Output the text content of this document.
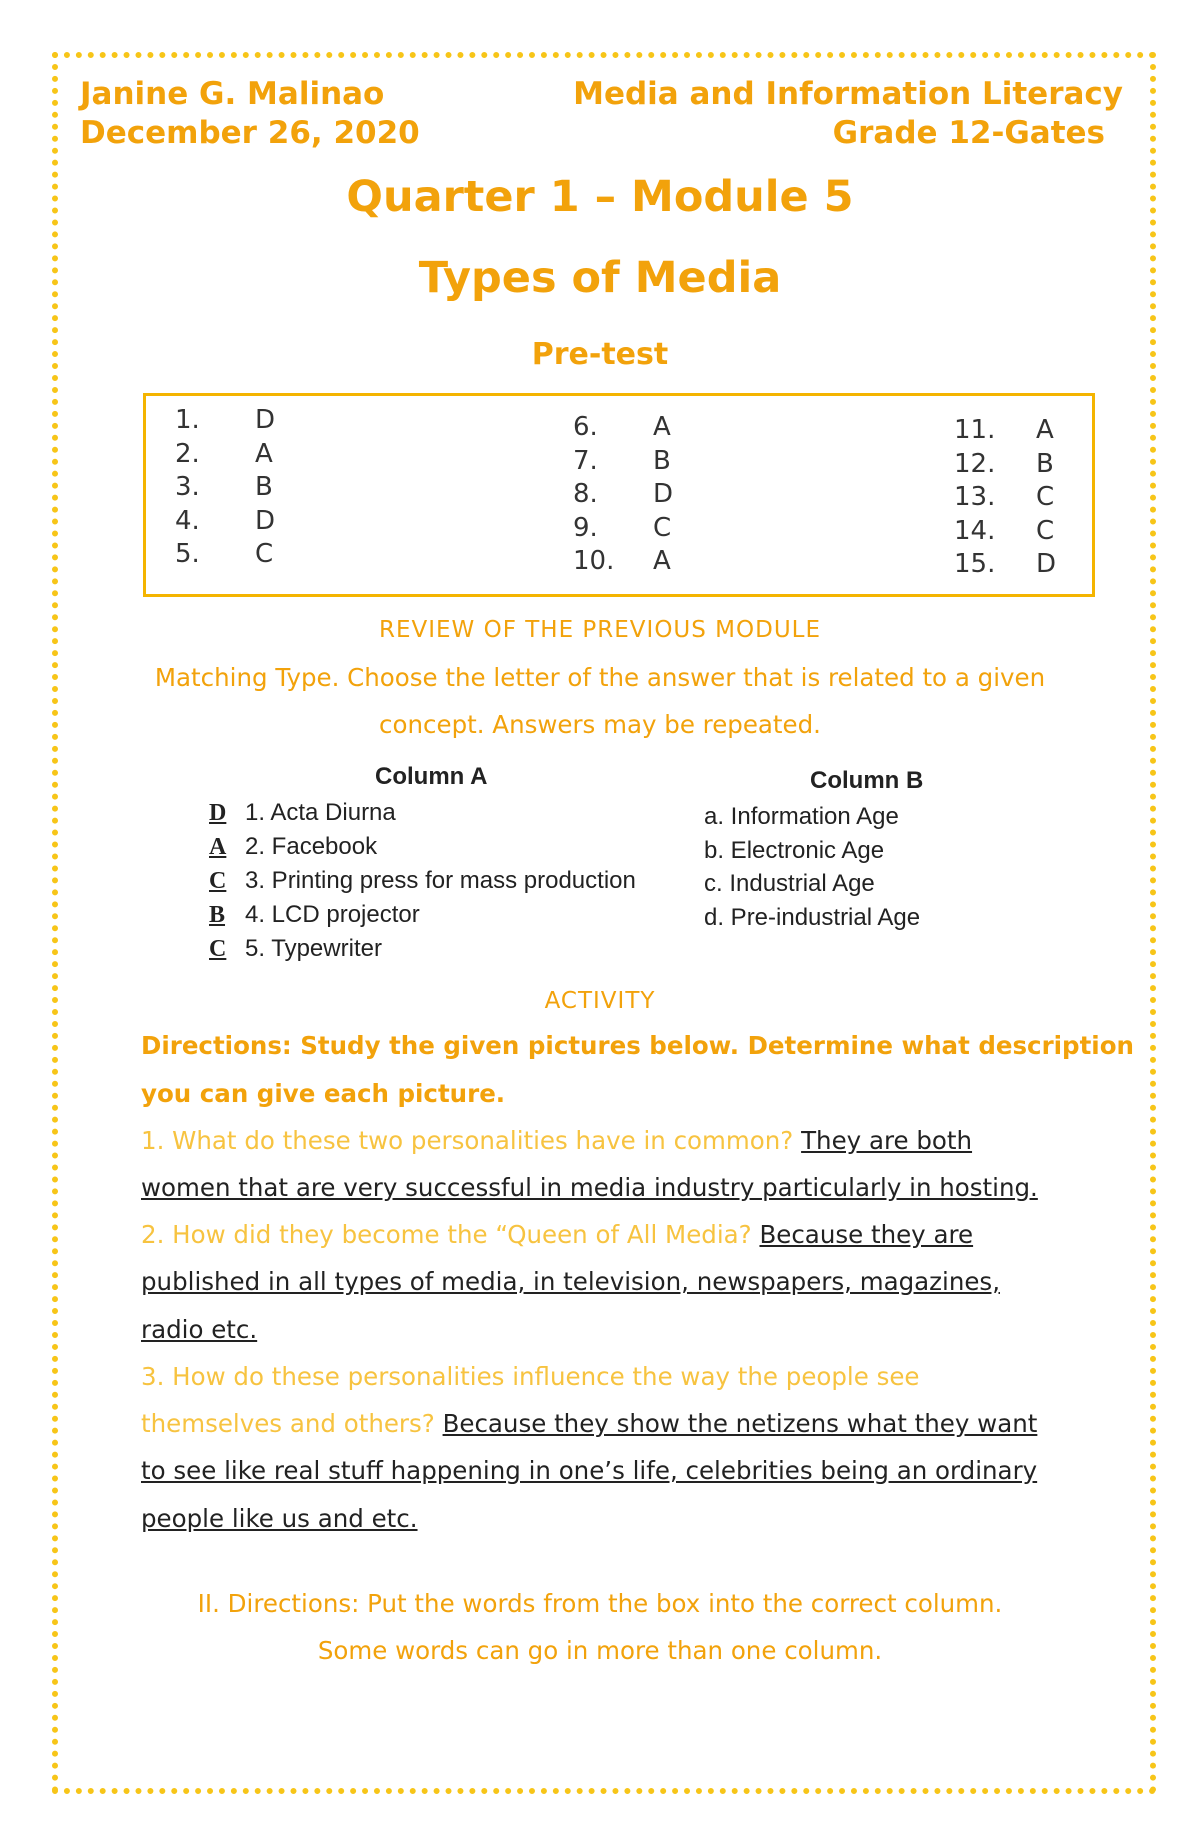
Janine G. Malinao
December 26, 2020
Media and Information Literacy
Grade 12-Gates
Quarter 1 – Module 5
Types of Media
Pre-test
1. D
2. A
3. B
4. D
5. C
6. A
7. B
8. D
9. C
10. A
11. A
12. B
13. C
14. C
15. D
REVIEW OF THE PREVIOUS MODULE
Matching Type. Choose the letter of the answer that is related to a given
concept. Answers may be repeated.
Column A	Column B
D 1. Acta Diurna
A 2. Facebook
C 3. Printing press for mass production
B 4. LCD projector
C 5. Typewriter
a. Information Age
b. Electronic Age
c. Industrial Age
d. Pre-industrial Age
ACTIVITY
Directions: Study the given pictures below. Determine what description
you can give each picture.
1. What do these two personalities have in common? They are both
women that are very successful in media industry particularly in hosting.
2. How did they become the “Queen of All Media? Because they are
published in all types of media, in television, newspapers, magazines,
radio etc.
3. How do these personalities influence the way the people see
themselves and others? Because they show the netizens what they want
to see like real stuff happening in one’s life, celebrities being an ordinary
people like us and etc.
II. Directions: Put the words from the box into the correct column.
Some words can go in more than one column.
